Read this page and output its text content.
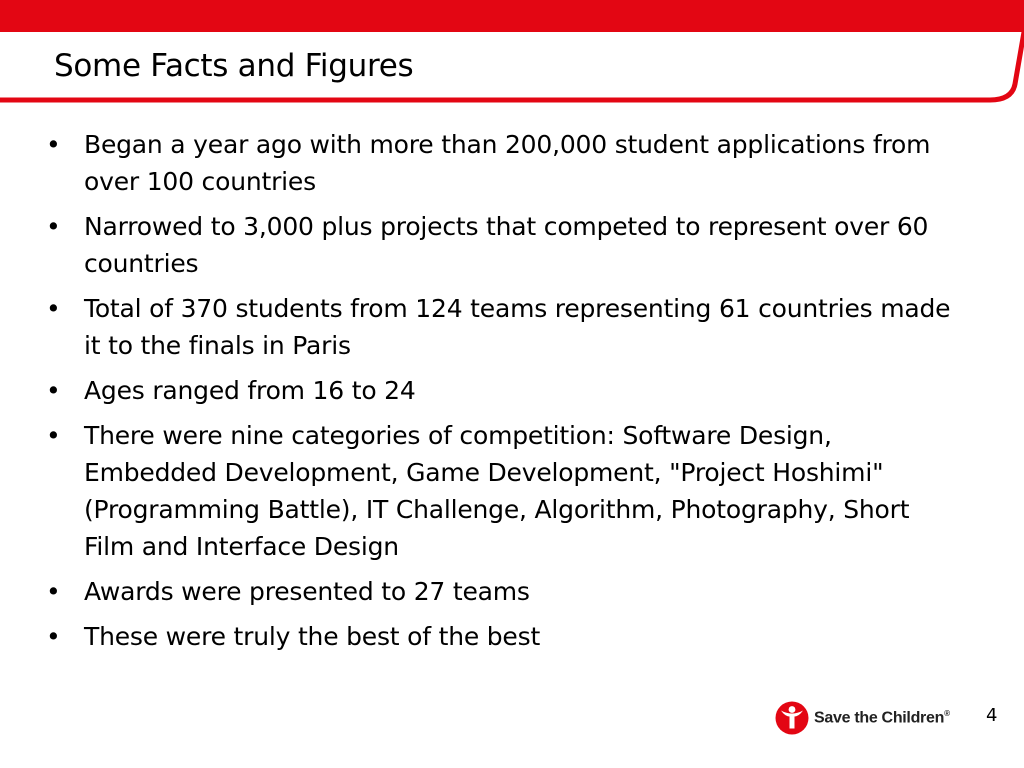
Some Facts and Figures
• Began a year ago with more than 200,000 student applications from over 100 countries
• Narrowed to 3,000 plus projects that competed to represent over 60 countries
• Total of 370 students from 124 teams representing 61 countries made it to the finals in Paris
• Ages ranged from 16 to 24
• There were nine categories of competition: Software Design, Embedded Development, Game Development, "Project Hoshimi" (Programming Battle), IT Challenge, Algorithm, Photography, Short Film and Interface Design
• Awards were presented to 27 teams
• These were truly the best of the best
Save the Children® 4
